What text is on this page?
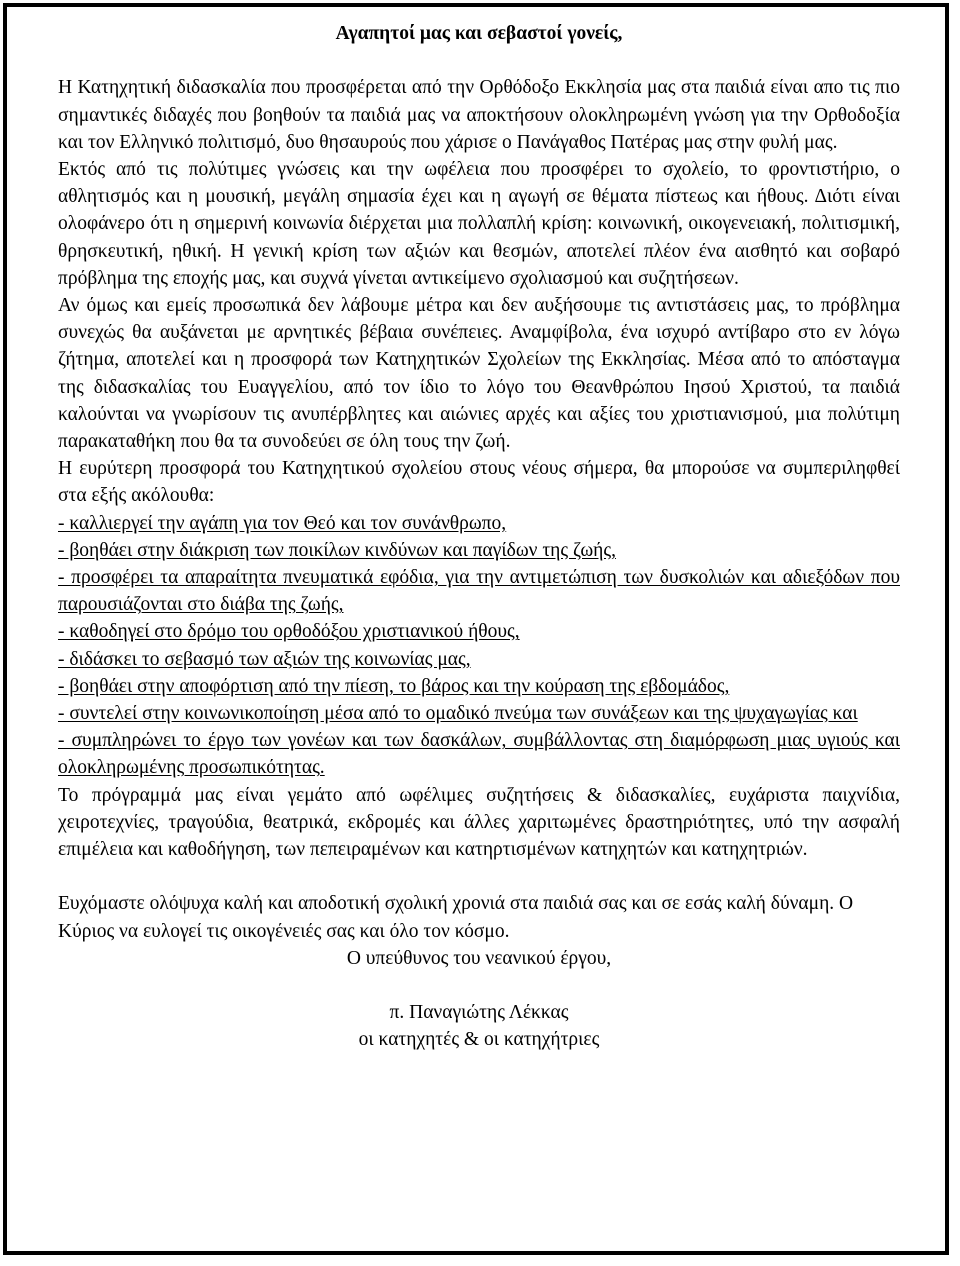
Αγαπητοί μας και σεβαστοί γονείς,

Η Κατηχητική διδασκαλία που προσφέρεται από την Ορθόδοξο Εκκλησία μας στα παιδιά είναι απο τις πιο σημαντικές διδαχές που βοηθούν τα παιδιά μας να αποκτήσουν ολοκληρωμένη γνώση για την Ορθοδοξία και τον Ελληνικό πολιτισμό, δυο θησαυρούς που χάρισε ο Πανάγαθος Πατέρας μας στην φυλή μας.

Εκτός από τις πολύτιμες γνώσεις και την ωφέλεια που προσφέρει το σχολείο, το φροντιστήριο, ο αθλητισμός και η μουσική, μεγάλη σημασία έχει και η αγωγή σε θέματα πίστεως και ήθους. Διότι είναι ολοφάνερο ότι η σημερινή κοινωνία διέρχεται μια πολλαπλή κρίση: κοινωνική, οικογενειακή, πολιτισμική, θρησκευτική, ηθική. Η γενική κρίση των αξιών και θεσμών, αποτελεί πλέον ένα αισθητό και σοβαρό πρόβλημα της εποχής μας, και συχνά γίνεται αντικείμενο σχολιασμού και συζητήσεων.

Αν όμως και εμείς προσωπικά δεν λάβουμε μέτρα και δεν αυξήσουμε τις αντιστάσεις μας, το πρόβλημα συνεχώς θα αυξάνεται με αρνητικές βέβαια συνέπειες. Αναμφίβολα, ένα ισχυρό αντίβαρο στο εν λόγω ζήτημα, αποτελεί και η προσφορά των Κατηχητικών Σχολείων της Εκκλησίας. Μέσα από το απόσταγμα της διδασκαλίας του Ευαγγελίου, από τον ίδιο το λόγο του Θεανθρώπου Ιησού Χριστού, τα παιδιά καλούνται να γνωρίσουν τις ανυπέρβλητες και αιώνιες αρχές και αξίες του χριστιανισμού, μια πολύτιμη παρακαταθήκη που θα τα συνοδεύει σε όλη τους την ζωή.

Η ευρύτερη προσφορά του Κατηχητικού σχολείου στους νέους σήμερα, θα μπορούσε να συμπεριληφθεί στα εξής ακόλουθα:

- καλλιεργεί την αγάπη για τον Θεό και τον συνάνθρωπο,
- βοηθάει στην διάκριση των ποικίλων κινδύνων και παγίδων της ζωής,
- προσφέρει τα απαραίτητα πνευματικά εφόδια, για την αντιμετώπιση των δυσκολιών και αδιεξόδων που παρουσιάζονται στο διάβα της ζωής,
- καθοδηγεί στο δρόμο του ορθοδόξου χριστιανικού ήθους,
- διδάσκει το σεβασμό των αξιών της κοινωνίας μας,
- βοηθάει στην αποφόρτιση από την πίεση, το βάρος και την κούραση της εβδομάδος,
- συντελεί στην κοινωνικοποίηση μέσα από το ομαδικό πνεύμα των συνάξεων και της ψυχαγωγίας και
- συμπληρώνει το έργο των γονέων και των δασκάλων, συμβάλλοντας στη διαμόρφωση μιας υγιούς και ολοκληρωμένης προσωπικότητας.

Το πρόγραμμά μας είναι γεμάτο από ωφέλιμες συζητήσεις & διδασκαλίες, ευχάριστα παιχνίδια, χειροτεχνίες, τραγούδια, θεατρικά, εκδρομές και άλλες χαριτωμένες δραστηριότητες, υπό την ασφαλή επιμέλεια και καθοδήγηση, των πεπειραμένων και κατηρτισμένων κατηχητών και κατηχητριών.

Ευχόμαστε ολόψυχα καλή και αποδοτική σχολική χρονιά στα παιδιά σας και σε εσάς καλή δύναμη. Ο Κύριος να ευλογεί τις οικογένειές σας και όλο τον κόσμο.

Ο υπεύθυνος του νεανικού έργου,

π. Παναγιώτης Λέκκας

οι κατηχητές & οι κατηχήτριες
